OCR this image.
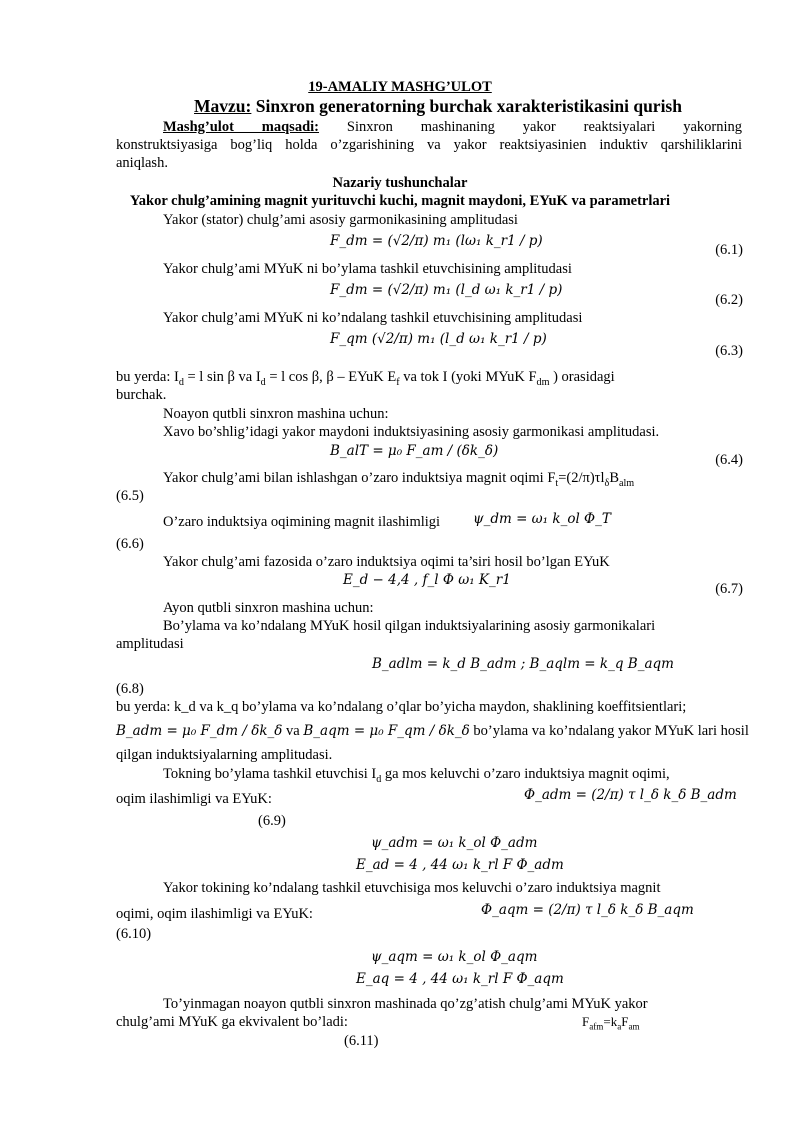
19-AMALIY MASHG’ULOT
Mavzu: Sinxron generatorning burchak xarakteristikasini qurish
Mashg’ulot maqsadi: Sinxron mashinaning yakor reaktsiyalari yakorning
konstruktsiyasiga bog’liq holda o’zgarishining va yakor reaktsiyasinien induktiv qarshiliklarini
aniqlash.
Nazariy tushunchalar
Yakor chulg’amining magnit yurituvchi kuchi, magnit maydoni, EYuK va parametrlari
Yakor (stator) chulg’ami asosiy garmonikasining amplitudasi
F_dm = (√2/π) m₁ (lω₁ k_r1 / p)
(6.1)
Yakor chulg’ami MYuK ni bo’ylama tashkil etuvchisining amplitudasi
F_dm = (√2/π) m₁ (l_d ω₁ k_r1 / p)
(6.2)
Yakor chulg’ami MYuK ni ko’ndalang tashkil etuvchisining amplitudasi
F_qm (√2/π) m₁ (l_d ω₁ k_r1 / p)
(6.3)
bu yerda: $I_d = l$ sin β va $I_d = l$ cos β, β – EYuK $E_f$ va tok I (yoki MYuK $F_{dm}$ ) orasidagi
burchak.
Noayon qutbli sinxron mashina uchun:
Xavo bo’shlig’idagi yakor maydoni induktsiyasining asosiy garmonikasi amplitudasi.
B_alT = μ₀ F_am / (δk_δ)
(6.4)
Yakor chulg’ami bilan ishlashgan o’zaro induktsiya magnit oqimi $F_t=(2/\pi)\tau l_\delta B_{alm}$
(6.5)
O’zaro induktsiya oqimining magnit ilashimligi ψ_dm = ω₁ k_ol Φ_T
(6.6)
Yakor chulg’ami fazosida o’zaro induktsiya oqimi ta’siri hosil bo’lgan EYuK
E_d − 4,4 , f_l Φ ω₁ K_r1
(6.7)
Ayon qutbli sinxron mashina uchun:
Bo’ylama va ko’ndalang MYuK hosil qilgan induktsiyalarining asosiy garmonikalari
amplitudasi
B_adlm = k_d B_adm ; B_aqlm = k_q B_aqm
(6.8)
bu yerda: k_d va k_q bo’ylama va ko’ndalang o’qlar bo’yicha maydon, shaklining koeffitsientlari;
B_adm = μ₀ F_dm / δk_δ va B_aqm = μ₀ F_qm / δk_δ bo’ylama va ko’ndalang yakor MYuK lari hosil
qilgan induktsiyalarning amplitudasi.
Tokning bo’ylama tashkil etuvchisi $I_d$ ga mos keluvchi o’zaro induktsiya magnit oqimi,
oqim ilashimligi va EYuK:	Φ_adm = (2/π) τ l_δ k_δ B_adm
(6.9)
ψ_adm = ω₁ k_ol Φ_adm
E_ad = 4 , 44 ω₁ k_rl F Φ_adm
Yakor tokining ko’ndalang tashkil etuvchisiga mos keluvchi o’zaro induktsiya magnit
oqimi, oqim ilashimligi va EYuK:	Φ_aqm = (2/π) τ l_δ k_δ B_aqm
(6.10)
ψ_aqm = ω₁ k_ol Φ_aqm
E_aq = 4 , 44 ω₁ k_rl F Φ_aqm
To’yinmagan noayon qutbli sinxron mashinada qo’zg’atish chulg’ami MYuK yakor
chulg’ami MYuK ga ekvivalent bo’ladi:	$F_{afm}=k_aF_{am}$
(6.11)
